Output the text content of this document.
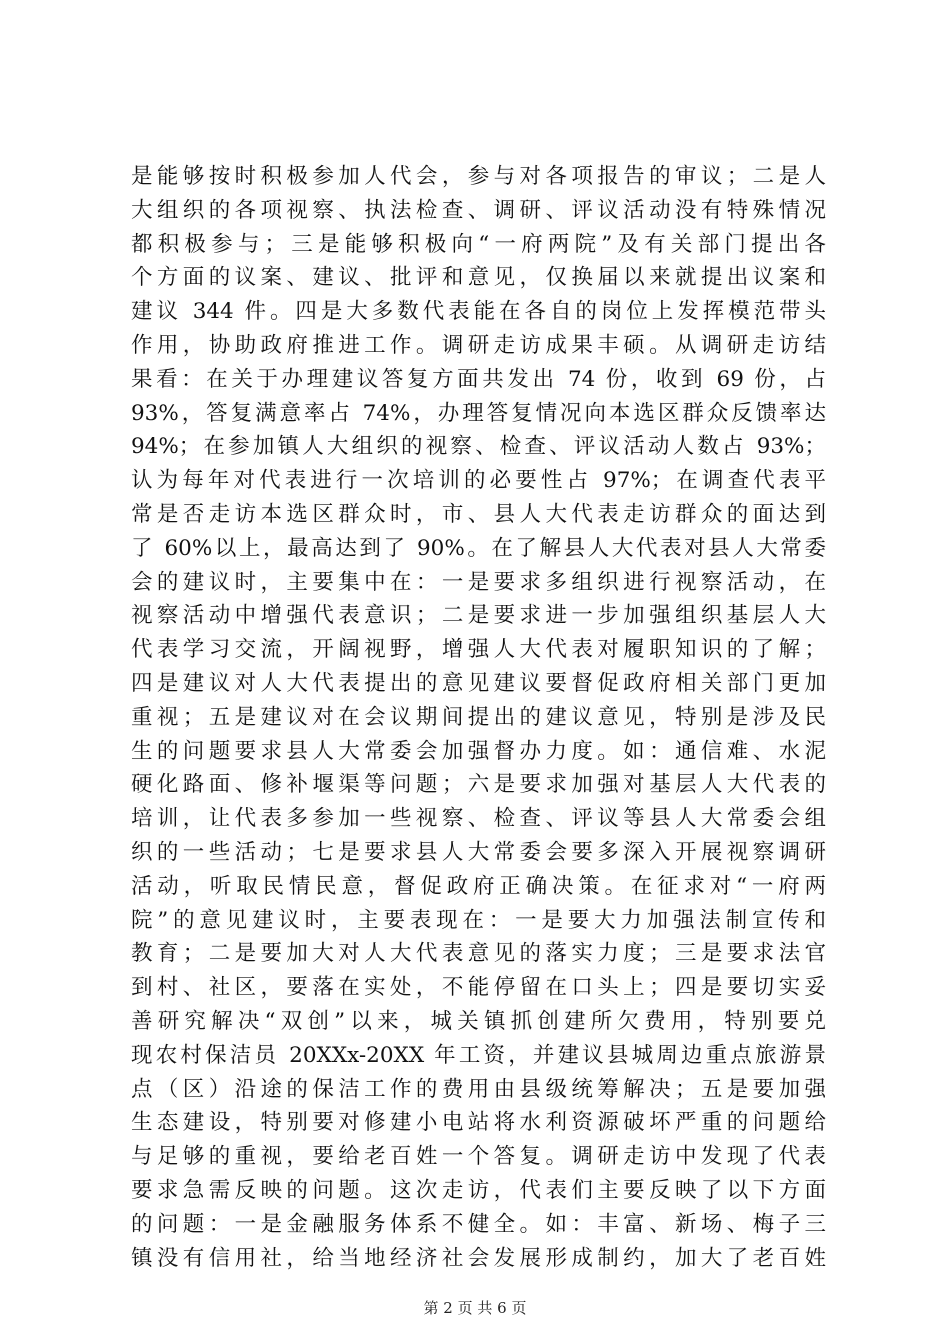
是能够按时积极参加人代会，参与对各项报告的审议；二是人
大组织的各项视察、执法检查、调研、评议活动没有特殊情况
都积极参与；三是能够积极向“一府两院”及有关部门提出各
个方面的议案、建议、批评和意见，仅换届以来就提出议案和
建议 344 件。四是大多数代表能在各自的岗位上发挥模范带头
作用，协助政府推进工作。调研走访成果丰硕。从调研走访结
果看：在关于办理建议答复方面共发出 74 份，收到 69 份，占
93%，答复满意率占 74%，办理答复情况向本选区群众反馈率达
94%；在参加镇人大组织的视察、检查、评议活动人数占 93%；
认为每年对代表进行一次培训的必要性占 97%；在调查代表平
常是否走访本选区群众时，市、县人大代表走访群众的面达到
了 60%以上，最高达到了 90%。在了解县人大代表对县人大常委
会的建议时，主要集中在：一是要求多组织进行视察活动，在
视察活动中增强代表意识；二是要求进一步加强组织基层人大
代表学习交流，开阔视野，增强人大代表对履职知识的了解；
四是建议对人大代表提出的意见建议要督促政府相关部门更加
重视；五是建议对在会议期间提出的建议意见，特别是涉及民
生的问题要求县人大常委会加强督办力度。如：通信难、水泥
硬化路面、修补堰渠等问题；六是要求加强对基层人大代表的
培训，让代表多参加一些视察、检查、评议等县人大常委会组
织的一些活动；七是要求县人大常委会要多深入开展视察调研
活动，听取民情民意，督促政府正确决策。在征求对“一府两
院”的意见建议时，主要表现在：一是要大力加强法制宣传和
教育；二是要加大对人大代表意见的落实力度；三是要求法官
到村、社区，要落在实处，不能停留在口头上；四是要切实妥
善研究解决“双创”以来，城关镇抓创建所欠费用，特别要兑
现农村保洁员 20XXx-20XX 年工资，并建议县城周边重点旅游景
点（区）沿途的保洁工作的费用由县级统筹解决；五是要加强
生态建设，特别要对修建小电站将水利资源破坏严重的问题给
与足够的重视，要给老百姓一个答复。调研走访中发现了代表
要求急需反映的问题。这次走访，代表们主要反映了以下方面
的问题：一是金融服务体系不健全。如：丰富、新场、梅子三
镇没有信用社，给当地经济社会发展形成制约，加大了老百姓
第 2 页 共 6 页
